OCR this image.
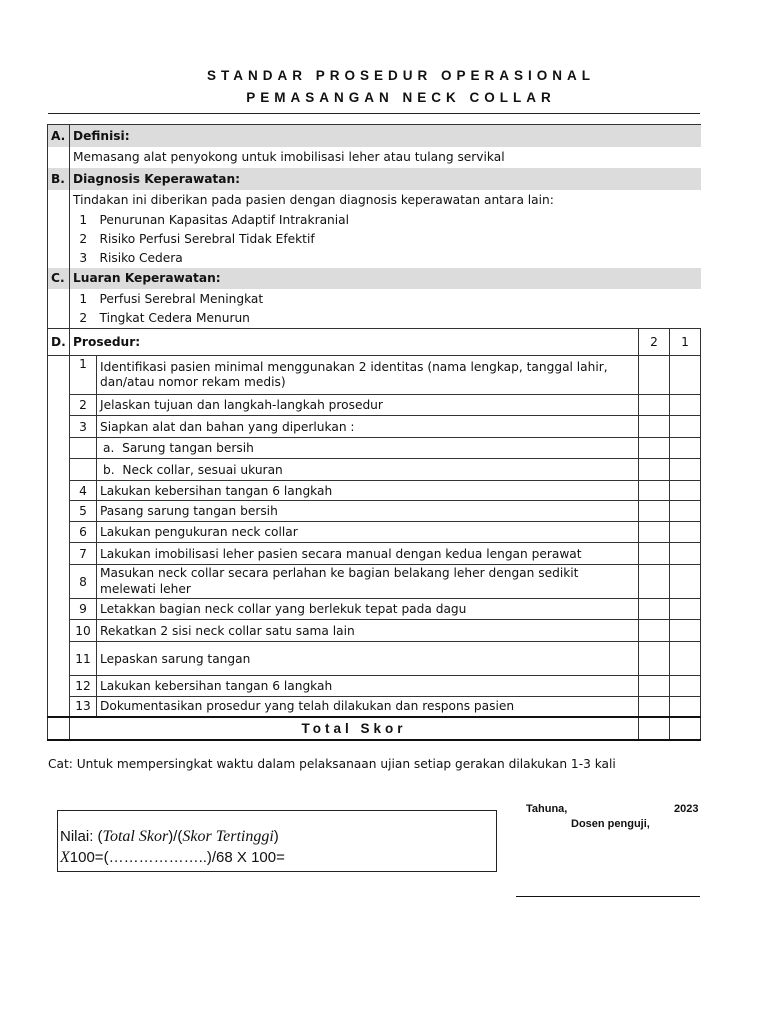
STANDAR PROSEDUR OPERASIONAL
PEMASANGAN NECK COLLAR
A.	Definisi:			
	Memasang alat penyokong untuk imobilisasi leher atau tulang servikal			
B.	Diagnosis Keperawatan:			
	Tindakan ini diberikan pada pasien dengan diagnosis keperawatan antara lain:			
	1	Penurunan Kapasitas Adaptif Intrakranial		
	2	Risiko Perfusi Serebral Tidak Efektif		
	3	Risiko Cedera		
C.	Luaran Keperawatan:			
	1	Perfusi Serebral Meningkat		
	2	Tingkat Cedera Menurun		
D.	Prosedur:		2	1
	1	Identifikasi pasien minimal menggunakan 2 identitas (nama lengkap, tanggal lahir, dan/atau nomor rekam medis)		
	2	Jelaskan tujuan dan langkah-langkah prosedur		
	3	Siapkan alat dan bahan yang diperlukan :		
		a. Sarung tangan bersih		
		b. Neck collar, sesuai ukuran		
	4	Lakukan kebersihan tangan 6 langkah		
	5	Pasang sarung tangan bersih		
	6	Lakukan pengukuran neck collar		
	7	Lakukan imobilisasi leher pasien secara manual dengan kedua lengan perawat		
	8	Masukan neck collar secara perlahan ke bagian belakang leher dengan sedikit melewati leher		
	9	Letakkan bagian neck collar yang berlekuk tepat pada dagu		
	10	Rekatkan 2 sisi neck collar satu sama lain		
	11	Lepaskan sarung tangan		
	12	Lakukan kebersihan tangan 6 langkah		
	13	Dokumentasikan prosedur yang telah dilakukan dan respons pasien		
	Total Skor			
Cat: Untuk mempersingkat waktu dalam pelaksanaan ujian setiap gerakan dilakukan 1-3 kali
Tahuna,	2023
Dosen penguji,
Nilai: (Total Skor)/(Skor Tertinggi)
X100=(………………..)/68 X 100=
